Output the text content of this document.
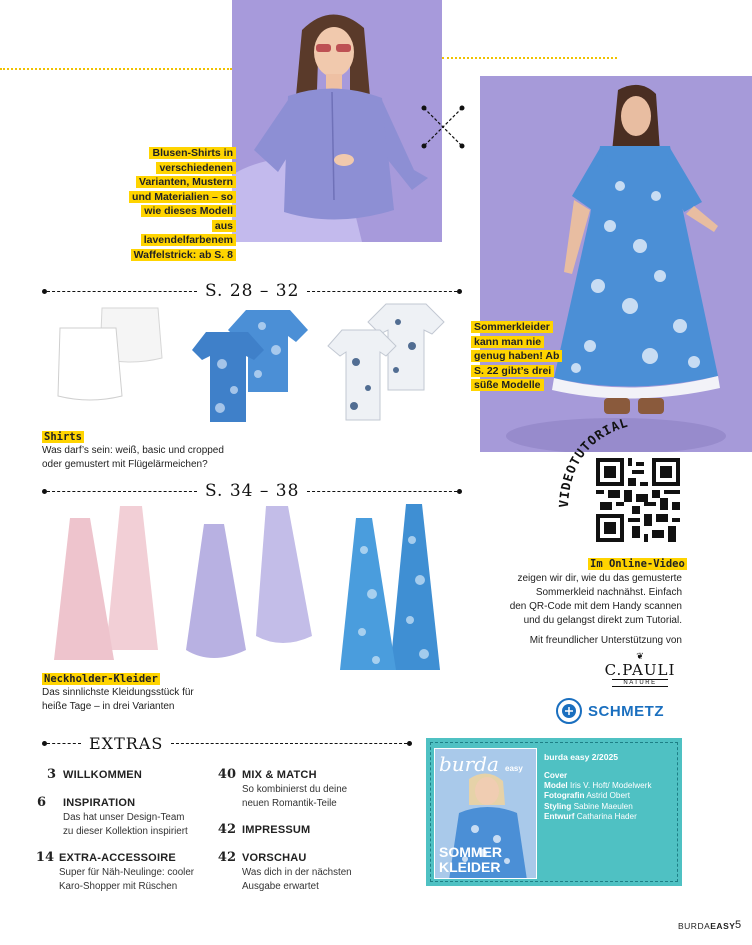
Blusen-Shirts in
verschiedenen
Varianten, Mustern
und Materialien – so
wie dieses Modell
aus lavendelfarbenem
Waffelstrick: ab S. 8
Sommerkleider
kann man nie
genug haben! Ab
S. 22 gibt’s drei
süße Modelle
S. 28 – 32
Shirts
Was darf’s sein: weiß, basic und cropped
oder gemustert mit Flügelärmeichen?
S. 34 – 38
Neckholder-Kleider
Das sinnlichste Kleidungsstück für
heiße Tage – in drei Varianten
VIDEOTUTORIAL
Im Online-Video
zeigen wir dir, wie du das gemusterte
Sommerkleid nachnähst. Einfach
den QR-Code mit dem Handy scannen
und du gelangst direkt zum Tutorial.
Mit freundlicher Unterstützung von
❦
C.PAULI
NATURE
SCHMETZ
EXTRAS
3 WILLKOMMEN
6 INSPIRATION
Das hat unser Design-Team
zu dieser Kollektion inspiriert
14 EXTRA-ACCESSOIRE
Super für Näh-Neulinge: cooler
Karo-Shopper mit Rüschen
40 MIX & MATCH
So kombinierst du deine
neuen Romantik-Teile
42 IMPRESSUM
42 VORSCHAU
Was dich in der nächsten
Ausgabe erwartet
burda easy
SOMMER
KLEIDER
burda easy 2/2025
Cover
Model Iris V. Hoft/ Modelwerk
Fotografin Astrid Obert
Styling Sabine Maeulen
Entwurf Catharina Hader
BURDAEASY 5
